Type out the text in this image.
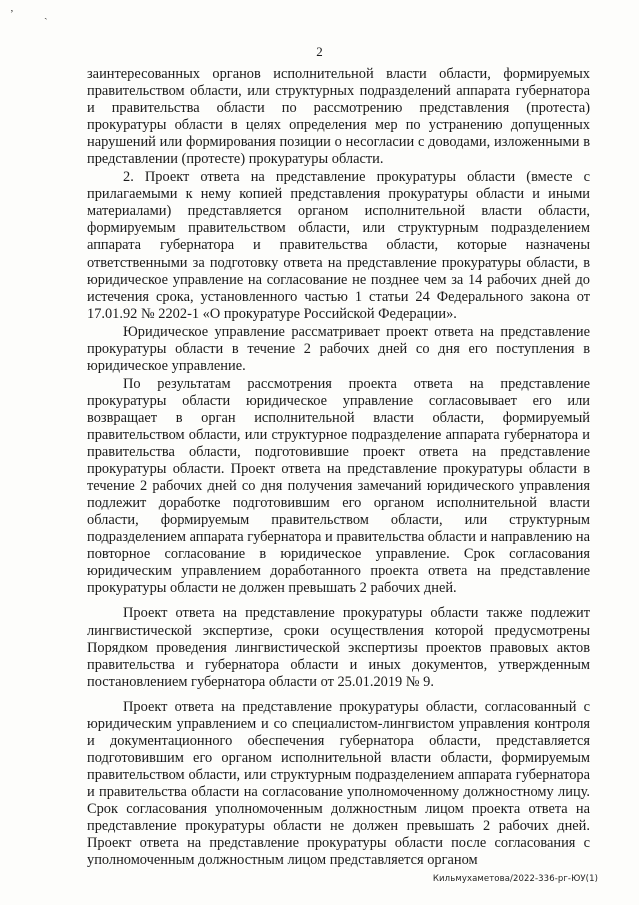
ʼ	ˎ
2

заинтересованных органов исполнительной власти области, формируемых правительством области, или структурных подразделений аппарата губернатора и правительства области по рассмотрению представления (протеста) прокуратуры области в целях определения мер по устранению допущенных нарушений или формирования позиции о несогласии с доводами, изложенными в представлении (протесте) прокуратуры области.

2. Проект ответа на представление прокуратуры области (вместе с прилагаемыми к нему копией представления прокуратуры области и иными материалами) представляется органом исполнительной власти области, формируемым правительством области, или структурным подразделением аппарата губернатора и правительства области, которые назначены ответственными за подготовку ответа на представление прокуратуры области, в юридическое управление на согласование не позднее чем за 14 рабочих дней до истечения срока, установленного частью 1 статьи 24 Федерального закона от 17.01.92 № 2202-1 «О прокуратуре Российской Федерации».

Юридическое управление рассматривает проект ответа на представление прокуратуры области в течение 2 рабочих дней со дня его поступления в юридическое управление.

По результатам рассмотрения проекта ответа на представление прокуратуры области юридическое управление согласовывает его или возвращает в орган исполнительной власти области, формируемый правительством области, или структурное подразделение аппарата губернатора и правительства области, подготовившие проект ответа на представление прокуратуры области. Проект ответа на представление прокуратуры области в течение 2 рабочих дней со дня получения замечаний юридического управления подлежит доработке подготовившим его органом исполнительной власти области, формируемым правительством области, или структурным подразделением аппарата губернатора и правительства области и направлению на повторное согласование в юридическое управление. Срок согласования юридическим управлением доработанного проекта ответа на представление прокуратуры области не должен превышать 2 рабочих дней.

Проект ответа на представление прокуратуры области также подлежит лингвистической экспертизе, сроки осуществления которой предусмотрены Порядком проведения лингвистической экспертизы проектов правовых актов правительства и губернатора области и иных документов, утвержденным постановлением губернатора области от 25.01.2019 № 9.

Проект ответа на представление прокуратуры области, согласованный с юридическим управлением и со специалистом-лингвистом управления контроля и документационного обеспечения губернатора области, представляется подготовившим его органом исполнительной власти области, формируемым правительством области, или структурным подразделением аппарата губернатора и правительства области на согласование уполномоченному должностному лицу. Срок согласования уполномоченным должностным лицом проекта ответа на представление прокуратуры области не должен превышать 2 рабочих дней. Проект ответа на представление прокуратуры области после согласования с уполномоченным должностным лицом представляется органом

Кильмухаметова/2022-336-рг-ЮУ(1)
